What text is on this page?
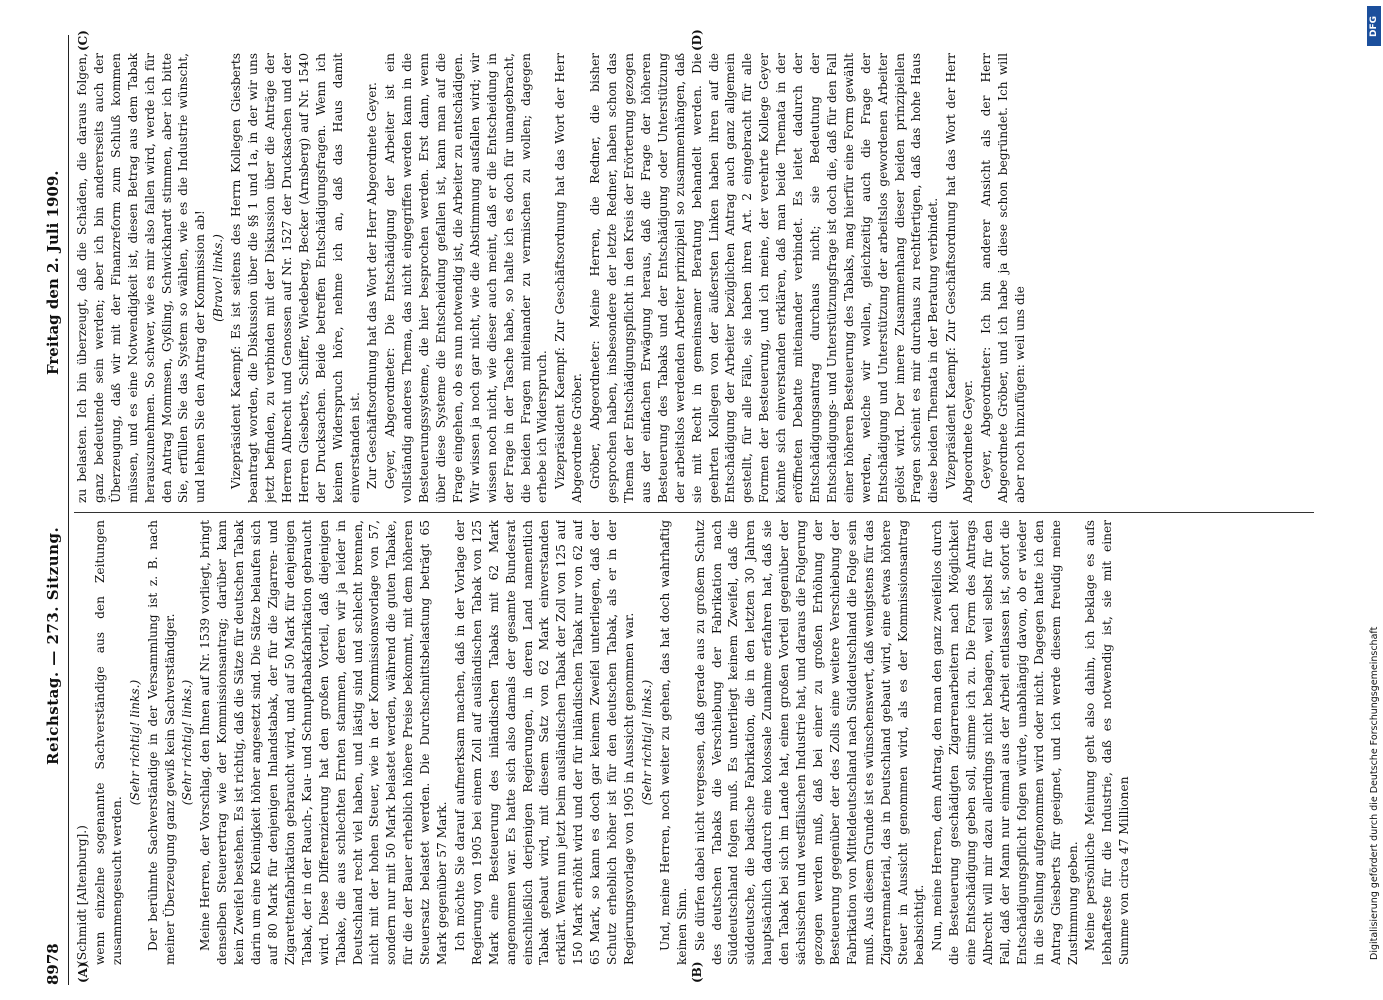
8978
Reichstag. — 273. Sitzung.
Freitag den 2. Juli 1909.
(A)	(B)
(C)	(D)

(Schmidt [Altenburg].) wenn einzelne sogenannte Sachverständige aus den Zeitungen zusammengesucht werden.

(Sehr richtig! links.) Der berühmte Sachverständige in der Versammlung ist z. B. nach meiner Überzeugung ganz gewiß kein Sachverständiger. (Sehr richtig! links.) Meine Herren, der Vorschlag, den Ihnen auf Nr. 1539 vorliegt, bringt denselben Steuerertrag wie der Kommissionsantrag; darüber kann kein Zweifel bestehen. Es ist richtig, daß die Sätze für deutschen Tabak darin um eine Kleinigkeit höher angesetzt sind. Die Sätze belaufen sich auf 80 Mark für denjenigen Inlandstabak, der für die Zigarren- und Zigarettenfabrikation gebraucht wird, und auf 50 Mark für denjenigen Tabak, der in der Rauch-, Kau- und Schnupftabakfabrikation gebraucht wird. Diese Differenzierung hat den großen Vorteil, daß diejenigen Tabake, die aus schlechten Ernten stammen, deren wir ja leider in Deutschland recht viel haben, und lästig sind und schlecht brennen, nicht mit der hohen Steuer, wie in der Kommissionsvorlage von 57, sondern nur mit 50 Mark belastet werden, während die guten Tabake, für die der Bauer erheblich höhere Preise bekommt, mit dem höheren Steuersatz belastet werden. Die Durchschnittsbelastung beträgt 65 Mark gegenüber 57 Mark. Ich möchte Sie darauf aufmerksam machen, daß in der Vorlage der Regierung von 1905 bei einem Zoll auf ausländischen Tabak von 125 Mark eine Besteuerung des inländischen Tabaks mit 62 Mark angenommen war. Es hatte sich also damals der gesamte Bundesrat einschließlich derjenigen Regierungen, in deren Land namentlich Tabak gebaut wird, mit diesem Satz von 62 Mark einverstanden erklärt. Wenn nun jetzt beim ausländischen Tabak der Zoll von 125 auf 150 Mark erhöht wird und der für inländischen Tabak nur von 62 auf 65 Mark, so kann es doch gar keinem Zweifel unterliegen, daß der Schutz erheblich höher ist für den deutschen Tabak, als er in der Regierungsvorlage von 1905 in Aussicht genommen war. (Sehr richtig! links.) Und, meine Herren, noch weiter zu gehen, das hat doch wahrhaftig keinen Sinn. Sie dürfen dabei nicht vergessen, daß gerade aus zu großem Schutz des deutschen Tabaks die Verschiebung der Fabrikation nach Süddeutschland folgen muß. Es unterliegt keinem Zweifel, daß die süddeutsche, die badische Fabrikation, die in den letzten 30 Jahren hauptsächlich dadurch eine kolossale Zunahme erfahren hat, daß sie den Tabak bei sich im Lande hat, einen großen Vorteil gegenüber der sächsischen und westfälischen Industrie hat, und daraus die Folgerung gezogen werden muß, daß bei einer zu großen Erhöhung der Besteuerung gegenüber der des Zolls eine weitere Verschiebung der Fabrikation von Mitteldeutschland nach Süddeutschland die Folge sein muß. Aus diesem Grunde ist es wünschenswert, daß wenigstens für das Zigarrenmaterial, das in Deutschland gebaut wird, eine etwas höhere Steuer in Aussicht genommen wird, als es der Kommissionsantrag beabsichtigt. Nun, meine Herren, dem Antrag, den man den ganz zweifellos durch die Besteuerung geschädigten Zigarrenarbeitern nach Möglichkeit eine Entschädigung geben soll, stimme ich zu. Die Form des Antrags Albrecht will mir dazu allerdings nicht behagen, weil selbst für den Fall, daß der Mann nur einmal aus der Arbeit entlassen ist, sofort die Entschädigungspflicht folgen würde, unabhängig davon, ob er wieder in die Stellung aufgenommen wird oder nicht. Dagegen hatte ich den Antrag Giesberts für geeignet, und ich werde diesem freudig meine Zustimmung geben. Meine persönliche Meinung geht also dahin, ich beklage es aufs lebhafteste für die Industrie, daß es notwendig ist, sie mit einer Summe von circa 47 Millionen

zu belasten. Ich bin überzeugt, daß die Schäden, die daraus folgen, ganz bedeutende sein werden; aber ich bin andererseits auch der Überzeugung, daß wir mit der Finanzreform zum Schluß kommen müssen, und es eine Notwendigkeit ist, diesen Betrag aus dem Tabak herauszunehmen. So schwer, wie es mir also fallen wird, werde ich für den Antrag Mommsen, Gyßling, Schwickhardt stimmen, aber ich bitte Sie, erfüllen Sie das System so wählen, wie es die Industrie wünscht, und lehnen Sie den Antrag der Kommission ab! (Bravo! links.) Vizepräsident Kaempf: Es ist seitens des Herrn Kollegen Giesberts beantragt worden, die Diskussion über die §§ 1 und 1a, in der wir uns jetzt befinden, zu verbinden mit der Diskussion über die Anträge der Herren Albrecht und Genossen auf Nr. 1527 der Drucksachen und der Herren Giesberts, Schiffer, Wiedeberg, Becker (Arnsberg) auf Nr. 1540 der Drucksachen. Beide betreffen Entschädigungsfragen. Wenn ich keinen Widerspruch höre, nehme ich an, daß das Haus damit einverstanden ist. Zur Geschäftsordnung hat das Wort der Herr Abgeordnete Geyer. Geyer, Abgeordneter: Die Entschädigung der Arbeiter ist ein vollständig anderes Thema, das nicht eingegriffen werden kann in die Besteuerungssysteme, die hier besprochen werden. Erst dann, wenn über diese Systeme die Entscheidung gefallen ist, kann man auf die Frage eingehen, ob es nun notwendig ist, die Arbeiter zu entschädigen. Wir wissen ja noch gar nicht, wie die Abstimmung ausfallen wird; wir wissen noch nicht, wie dieser auch meint, daß er die Entscheidung in der Frage in der Tasche habe, so halte ich es doch für unangebracht, die beiden Fragen miteinander zu vermischen zu wollen; dagegen erhebe ich Widerspruch. Vizepräsident Kaempf: Zur Geschäftsordnung hat das Wort der Herr Abgeordnete Gröber. Gröber, Abgeordneter: Meine Herren, die Redner, die bisher gesprochen haben, insbesondere der letzte Redner, haben schon das Thema der Entschädigungspflicht in den Kreis der Erörterung gezogen aus der einfachen Erwägung heraus, daß die Frage der höheren Besteuerung des Tabaks und der Entschädigung oder Unterstützung der arbeitslos werdenden Arbeiter prinzipiell so zusammenhängen, daß sie mit Recht in gemeinsamer Beratung behandelt werden. Die geehrten Kollegen von der äußersten Linken haben ihren auf die Entschädigung der Arbeiter bezüglichen Antrag auch ganz allgemein gestellt, für alle Fälle, sie haben ihren Art. 2 eingebracht für alle Formen der Besteuerung, und ich meine, der verehrte Kollege Geyer könnte sich einverstanden erklären, daß man beide Themata in der eröffneten Debatte miteinander verbindet. Es leitet dadurch der Entschädigungsantrag durchaus nicht; sie Bedeutung der Entschädigungs- und Unterstützungsfrage ist doch die, daß für den Fall einer höheren Besteuerung des Tabaks, mag hierfür eine Form gewählt werden, welche wir wollen, gleichzeitig auch die Frage der Entschädigung und Unterstützung der arbeitslos gewordenen Arbeiter gelöst wird. Der innere Zusammenhang dieser beiden prinzipiellen Fragen scheint es mir durchaus zu rechtfertigen, daß das hohe Haus diese beiden Themata in der Beratung verbindet. Vizepräsident Kaempf: Zur Geschäftsordnung hat das Wort der Herr Abgeordnete Geyer. Geyer, Abgeordneter: Ich bin anderer Ansicht als der Herr Abgeordnete Gröber, und ich habe ja diese schon begründet. Ich will aber noch hinzufügen: weil uns die

DFG
Digitalisierung gefördert durch die Deutsche Forschungsgemeinschaft
